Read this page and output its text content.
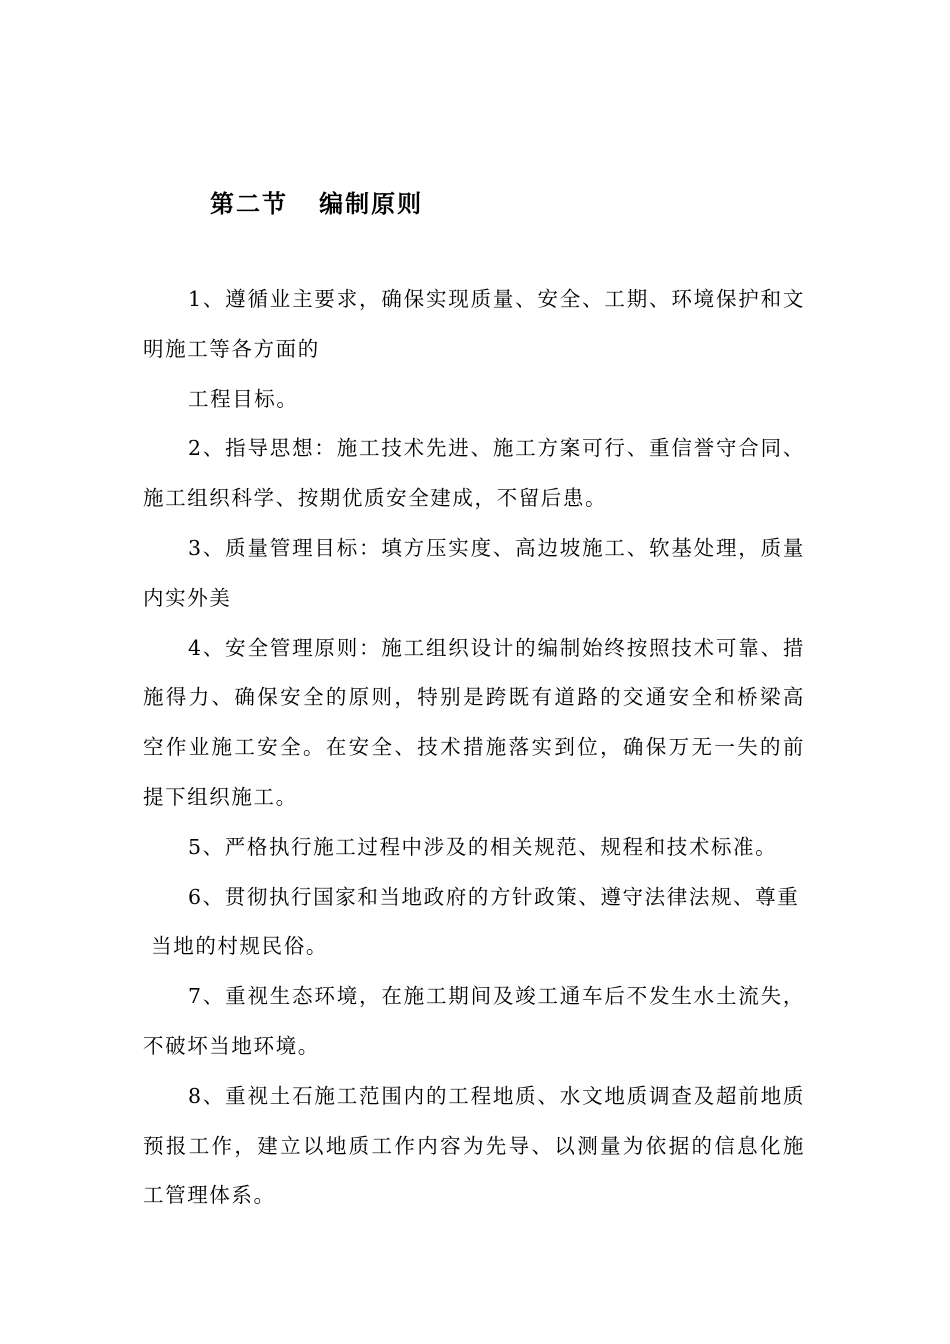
第二节   编制原则

1、遵循业主要求，确保实现质量、安全、工期、环境保护和文明施工等各方面的

工程目标。

2、指导思想：施工技术先进、施工方案可行、重信誉守合同、施工组织科学、按期优质安全建成，不留后患。

3、质量管理目标：填方压实度、高边坡施工、软基处理，质量内实外美

4、安全管理原则：施工组织设计的编制始终按照技术可靠、措施得力、确保安全的原则，特别是跨既有道路的交通安全和桥梁高空作业施工安全。在安全、技术措施落实到位，确保万无一失的前提下组织施工。

5、严格执行施工过程中涉及的相关规范、规程和技术标准。

6、贯彻执行国家和当地政府的方针政策、遵守法律法规、尊重

当地的村规民俗。

7、重视生态环境，在施工期间及竣工通车后不发生水土流失，不破坏当地环境。

8、重视土石施工范围内的工程地质、水文地质调查及超前地质预报工作，建立以地质工作内容为先导、以测量为依据的信息化施工管理体系。
